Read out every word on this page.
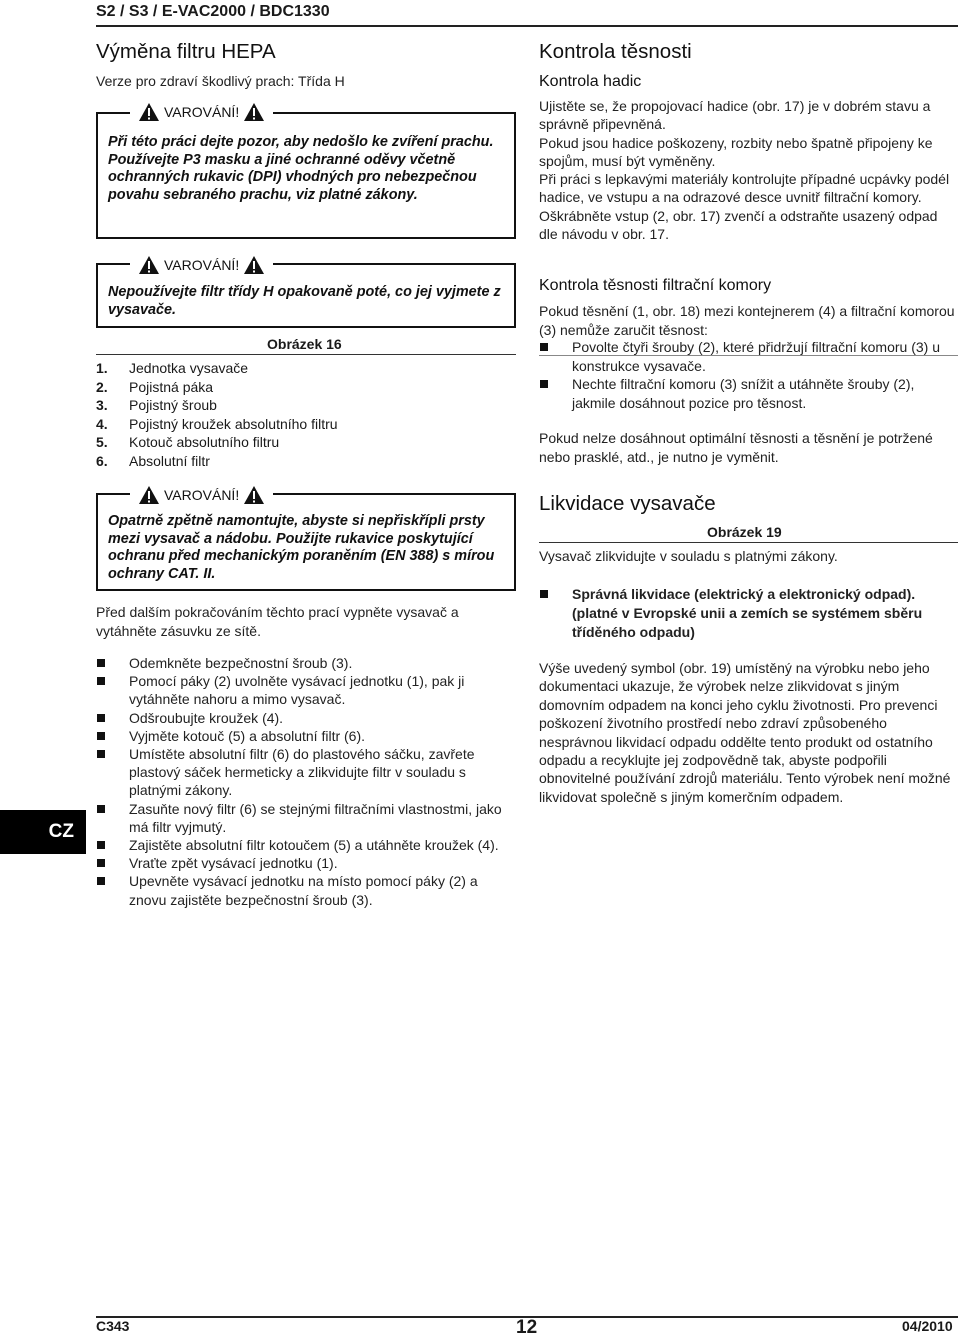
S2 / S3 / E-VAC2000 / BDC1330
Výměna filtru HEPA

Verze pro zdraví škodlivý prach: Třída H

Při této práci dejte pozor, aby nedošlo ke zvíření prachu. Používejte P3 masku a jiné ochranné oděvy včetně ochranných rukavic (DPI) vhodných pro nebezpečnou povahu sebraného prachu, viz platné zákony.

VAROVÁNÍ!

Nepoužívejte filtr třídy H opakovaně poté, co jej vyjmete z vysavače.

VAROVÁNÍ!
Obrázek 16
1.	Jednotka vysavače
2.	Pojistná páka
3.	Pojistný šroub
4.	Pojistný kroužek absolutního filtru
5.	Kotouč absolutního filtru
6.	Absolutní filtr

Opatrně zpětně namontujte, abyste si nepřiskřípli prsty mezi vysavač a nádobu. Použijte rukavice poskytující ochranu před mechanickým poraněním (EN 388) s mírou ochrany CAT. II.

VAROVÁNÍ!

Před dalším pokračováním těchto prací vypněte vysavač a vytáhněte zásuvku ze sítě.

Odemkněte bezpečnostní šroub (3).
Pomocí páky (2) uvolněte vysávací jednotku (1), pak ji vytáhněte nahoru a mimo vysavač.
Odšroubujte kroužek (4).
Vyjměte kotouč (5) a absolutní filtr (6).
Umístěte absolutní filtr (6) do plastového sáčku, zavřete plastový sáček hermeticky a zlikvidujte filtr v souladu s platnými zákony.
Zasuňte nový filtr (6) se stejnými filtračními vlastnostmi, jako má filtr vyjmutý.
Zajistěte absolutní filtr kotoučem (5) a utáhněte kroužek (4).
Vraťte zpět vysávací jednotku (1).
Upevněte vysávací jednotku na místo pomocí páky (2) a znovu zajistěte bezpečnostní šroub (3).
CZ
Kontrola těsnosti
Kontrola hadic
Ujistěte se, že propojovací hadice (obr. 17) je v dobrém stavu a správně připevněná.
Pokud jsou hadice poškozeny, rozbity nebo špatně připojeny ke spojům, musí být vyměněny.
Při práci s lepkavými materiály kontrolujte případné ucpávky podél hadice, ve vstupu a na odrazové desce uvnitř filtrační komory.
Oškrábněte vstup (2, obr. 17) zvenčí a odstraňte usazený odpad dle návodu v obr. 17.
Kontrola těsnosti filtrační komory

Pokud těsnění (1, obr. 18) mezi kontejnerem (4) a filtrační komorou (3) nemůže zaručit těsnost:

Povolte čtyři šrouby (2), které přidržují filtrační komoru (3) u konstrukce vysavače.
Nechte filtrační komoru (3) snížit a utáhněte šrouby (2), jakmile dosáhnout pozice pro těsnost.

Pokud nelze dosáhnout optimální těsnosti a těsnění je potržené nebo prasklé, atd., je nutno je vyměnit.

Likvidace vysavače
Obrázek 19

Vysavač zlikvidujte v souladu s platnými zákony.

Správná likvidace (elektrický a elektronický odpad). (platné v Evropské unii a zemích se systémem sběru tříděného odpadu)

Výše uvedený symbol (obr. 19) umístěný na výrobku nebo jeho dokumentaci ukazuje, že výrobek nelze zlikvidovat s jiným domovním odpadem na konci jeho cyklu životnosti. Pro prevenci poškození životního prostředí nebo zdraví způsobeného nesprávnou likvidací odpadu oddělte tento produkt od ostatního odpadu a recyklujte jej zodpovědně tak, abyste podpořili obnovitelné používání zdrojů materiálu. Tento výrobek není možné likvidovat společně s jiným komerčním odpadem.

C343	12	04/2010
